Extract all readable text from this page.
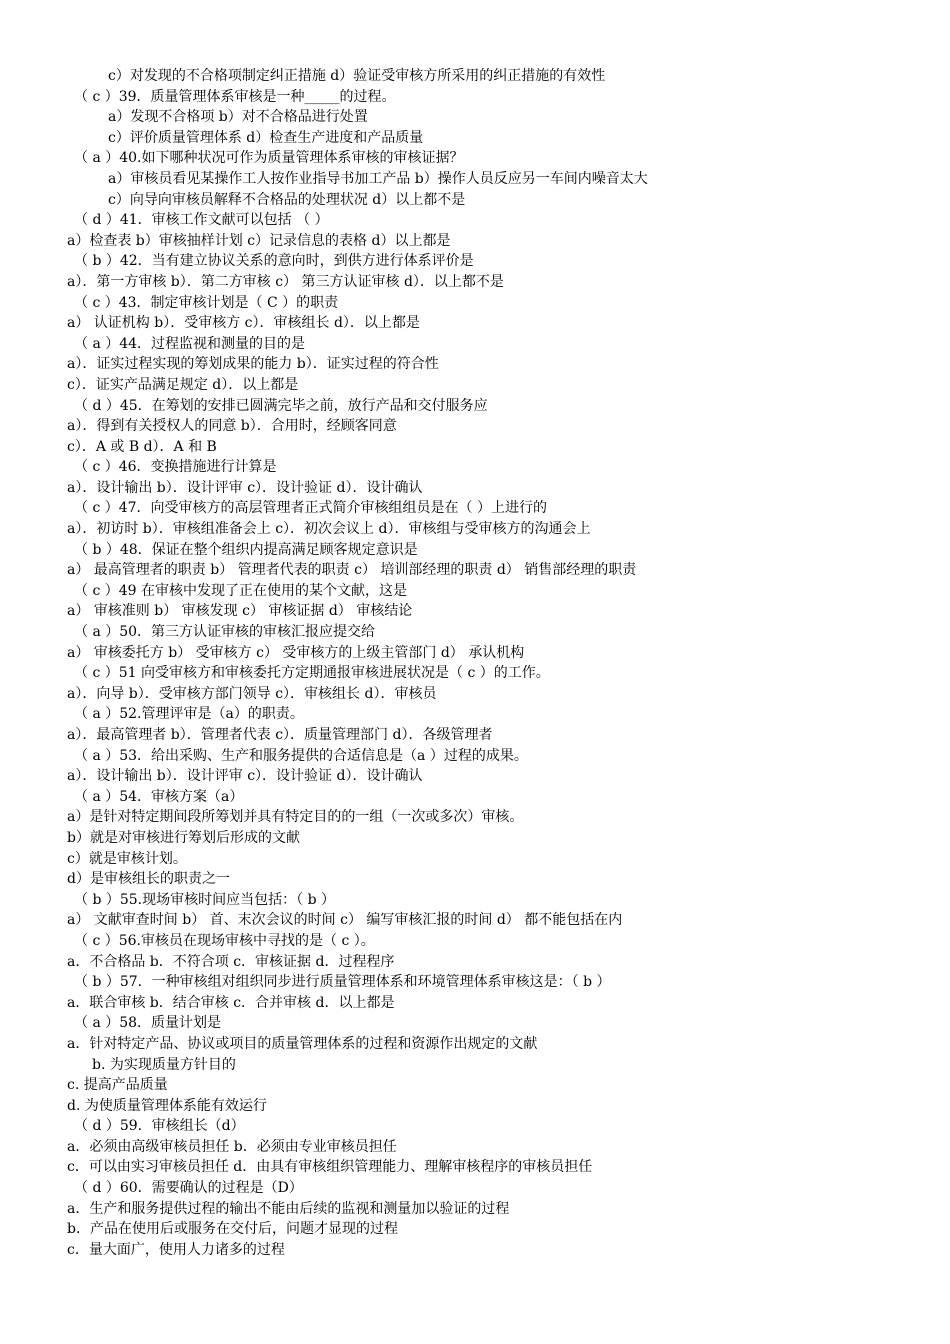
c）对发现的不合格项制定纠正措施 d）验证受审核方所采用的纠正措施的有效性
（ c ）39．质量管理体系审核是一种_____的过程。
a）发现不合格项 b）对不合格品进行处置
c）评价质量管理体系 d）检查生产进度和产品质量
（ a ）40.如下哪种状况可作为质量管理体系审核的审核证据？
a）审核员看见某操作工人按作业指导书加工产品 b）操作人员反应另一车间内噪音太大
c）向导向审核员解释不合格品的处理状况 d）以上都不是
（ d ）41．审核工作文献可以包括 （ ）
a）检查表 b）审核抽样计划 c）记录信息的表格 d）以上都是
（ b ）42．当有建立协议关系的意向时，到供方进行体系评价是
a）．第一方审核 b）．第二方审核 c） 第三方认证审核 d）．以上都不是
（ c ）43．制定审核计划是（ C ）的职责
a） 认证机构 b）．受审核方 c）．审核组长 d）．以上都是
（ a ）44．过程监视和测量的目的是
a）．证实过程实现的筹划成果的能力 b）．证实过程的符合性
c）．证实产品满足规定 d）．以上都是
（ d ）45．在筹划的安排已圆满完毕之前，放行产品和交付服务应
a）．得到有关授权人的同意 b）．合用时，经顾客同意
c）．A 或 B d）．A 和 B
（ c ）46．变换措施进行计算是
a）．设计输出 b）．设计评审 c）．设计验证 d）．设计确认
（ c ）47．向受审核方的高层管理者正式简介审核组组员是在（ ）上进行的
a）．初访时 b）．审核组准备会上 c）．初次会议上 d）．审核组与受审核方的沟通会上
（ b ）48．保证在整个组织内提高满足顾客规定意识是
a） 最高管理者的职责 b） 管理者代表的职责 c） 培训部经理的职责 d） 销售部经理的职责
（ c ）49 在审核中发现了正在使用的某个文献，这是
a） 审核准则 b） 审核发现 c） 审核证据 d） 审核结论
（ a ）50．第三方认证审核的审核汇报应提交给
a） 审核委托方 b） 受审核方 c） 受审核方的上级主管部门 d） 承认机构
（ c ）51 向受审核方和审核委托方定期通报审核进展状况是（ c ）的工作。
a）．向导 b）．受审核方部门领导 c）．审核组长 d）．审核员
（ a ）52.管理评审是（a）的职责。
a）．最高管理者 b）．管理者代表 c）．质量管理部门 d）．各级管理者
（ a ）53．给出采购、生产和服务提供的合适信息是（a ）过程的成果。
a）．设计输出 b）．设计评审 c）．设计验证 d）．设计确认
（ a ）54．审核方案（a）
a）是针对特定期间段所筹划并具有特定目的的一组（一次或多次）审核。
b）就是对审核进行筹划后形成的文献
c）就是审核计划。
d）是审核组长的职责之一
（ b ）55.现场审核时间应当包括：（ b ）
a） 文献审查时间 b） 首、末次会议的时间 c） 编写审核汇报的时间 d） 都不能包括在内
（ c ）56.审核员在现场审核中寻找的是（ c ）。
a．不合格品 b．不符合项 c．审核证据 d．过程程序
（ b ）57．一种审核组对组织同步进行质量管理体系和环境管理体系审核这是：（ b ）
a．联合审核 b．结合审核 c．合并审核 d．以上都是
（ a ）58．质量计划是
a．针对特定产品、协议或项目的质量管理体系的过程和资源作出规定的文献
b. 为实现质量方针目的
c. 提高产品质量
d. 为使质量管理体系能有效运行
（ d ）59．审核组长（d）
a．必须由高级审核员担任 b．必须由专业审核员担任
c．可以由实习审核员担任 d．由具有审核组织管理能力、理解审核程序的审核员担任
（ d ）60．需要确认的过程是（D）
a．生产和服务提供过程的输出不能由后续的监视和测量加以验证的过程
b．产品在使用后或服务在交付后，问题才显现的过程
c．量大面广，使用人力诸多的过程
